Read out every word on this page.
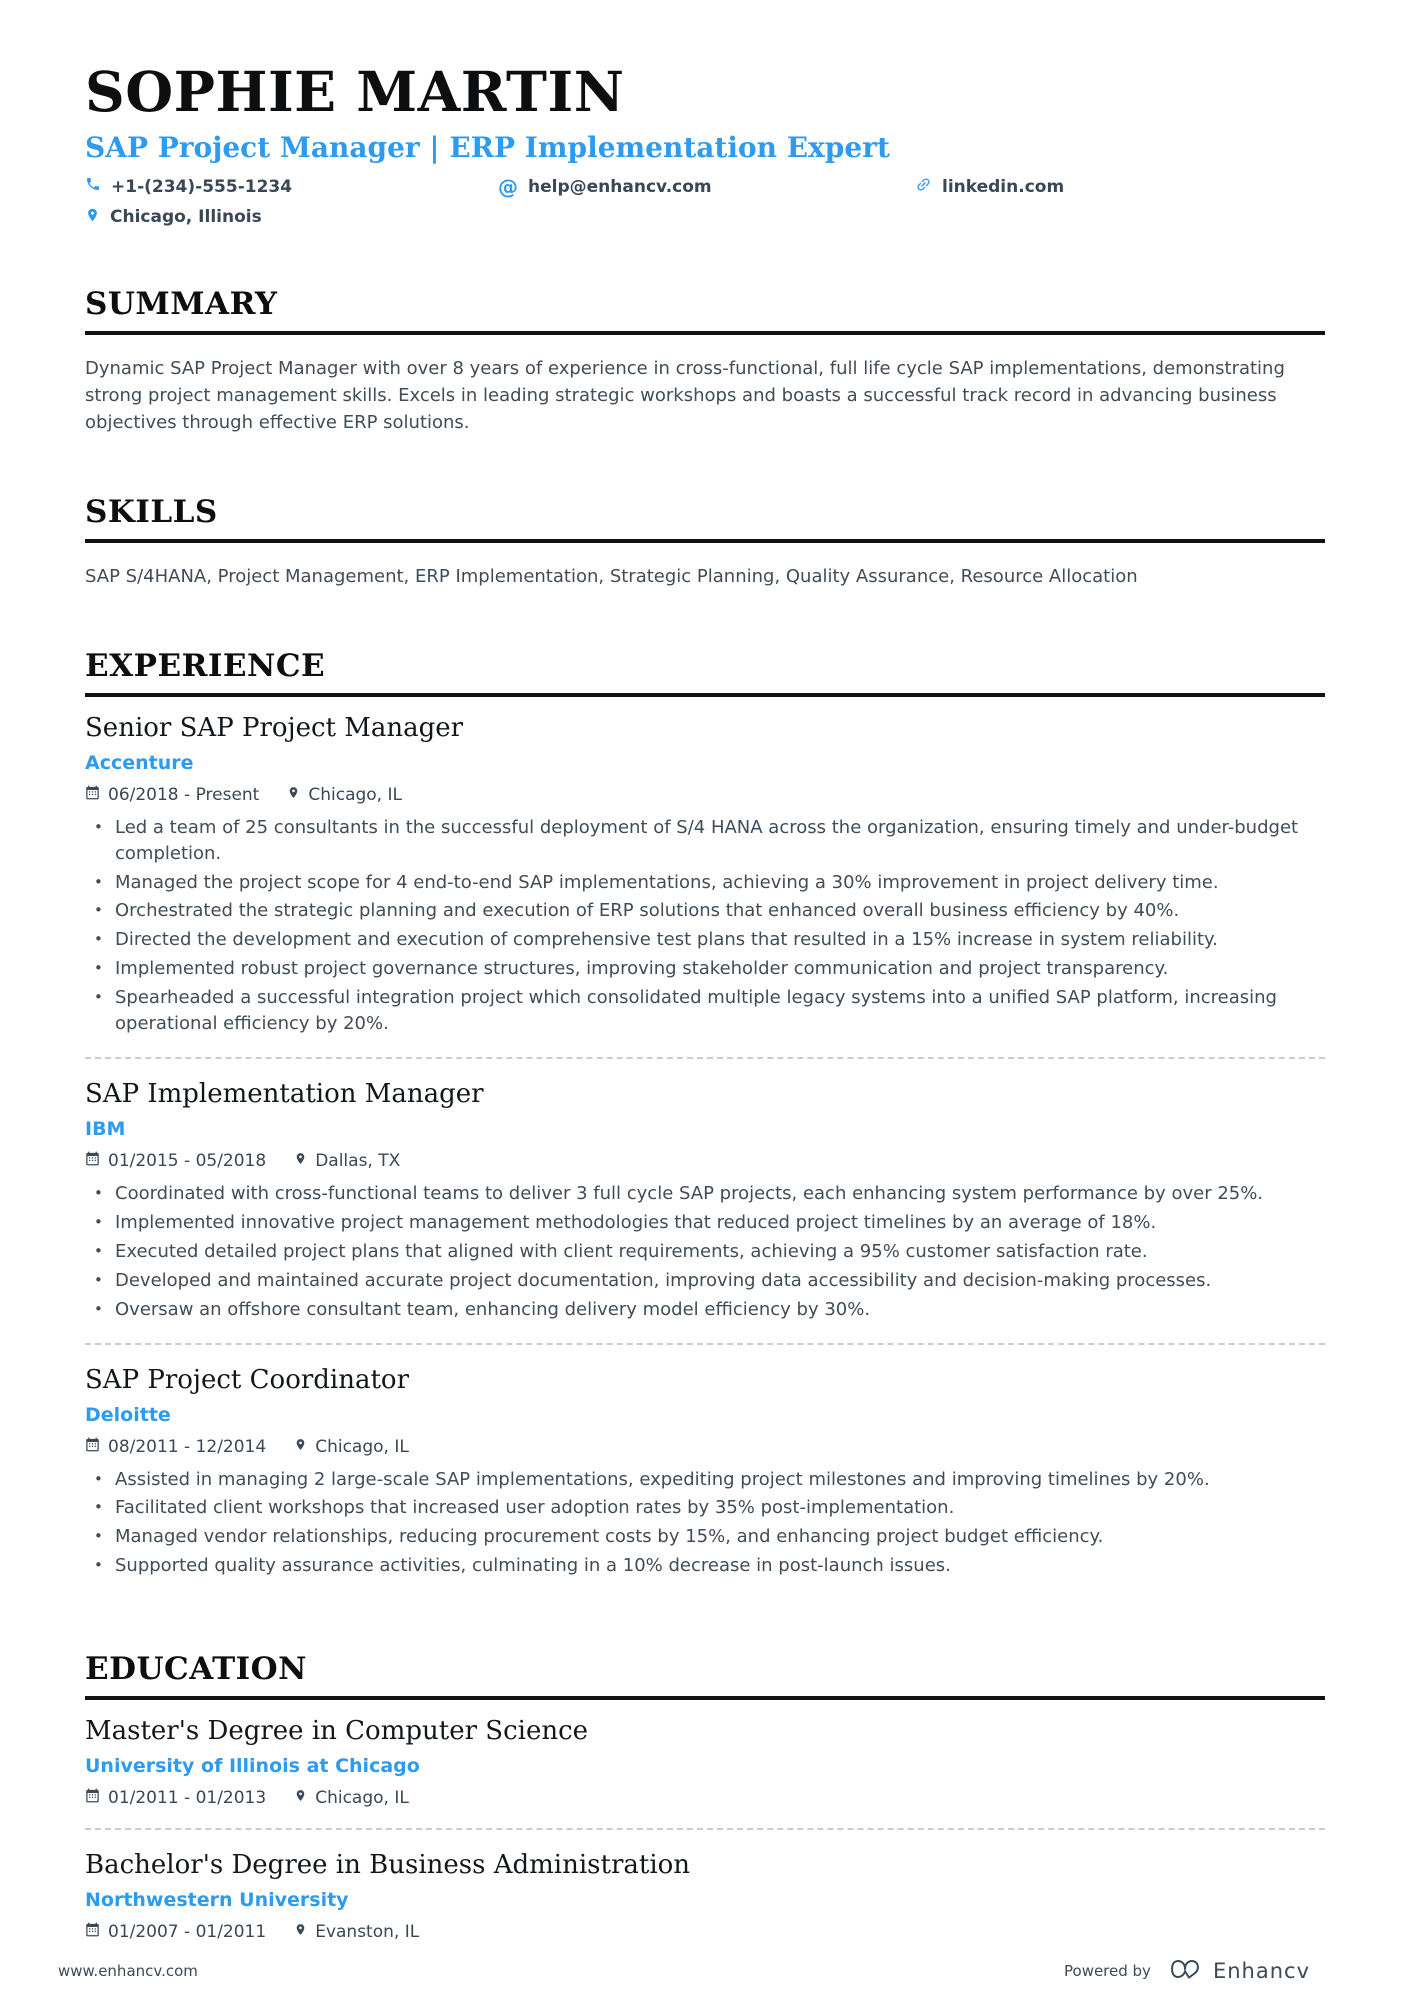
SOPHIE MARTIN
SAP Project Manager | ERP Implementation Expert
+1-(234)-555-1234	@ help@enhancv.com	linkedin.com
Chicago, Illinois
SUMMARY
Dynamic SAP Project Manager with over 8 years of experience in cross-functional, full life cycle SAP implementations, demonstrating strong project management skills. Excels in leading strategic workshops and boasts a successful track record in advancing business objectives through effective ERP solutions.
SKILLS
SAP S/4HANA, Project Management, ERP Implementation, Strategic Planning, Quality Assurance, Resource Allocation
EXPERIENCE
Senior SAP Project Manager
Accenture
06/2018 - Present	Chicago, IL
• Led a team of 25 consultants in the successful deployment of S/4 HANA across the organization, ensuring timely and under-budget completion.
• Managed the project scope for 4 end-to-end SAP implementations, achieving a 30% improvement in project delivery time.
• Orchestrated the strategic planning and execution of ERP solutions that enhanced overall business efficiency by 40%.
• Directed the development and execution of comprehensive test plans that resulted in a 15% increase in system reliability.
• Implemented robust project governance structures, improving stakeholder communication and project transparency.
• Spearheaded a successful integration project which consolidated multiple legacy systems into a unified SAP platform, increasing operational efficiency by 20%.
SAP Implementation Manager
IBM
01/2015 - 05/2018	Dallas, TX
• Coordinated with cross-functional teams to deliver 3 full cycle SAP projects, each enhancing system performance by over 25%.
• Implemented innovative project management methodologies that reduced project timelines by an average of 18%.
• Executed detailed project plans that aligned with client requirements, achieving a 95% customer satisfaction rate.
• Developed and maintained accurate project documentation, improving data accessibility and decision-making processes.
• Oversaw an offshore consultant team, enhancing delivery model efficiency by 30%.
SAP Project Coordinator
Deloitte
08/2011 - 12/2014	Chicago, IL
• Assisted in managing 2 large-scale SAP implementations, expediting project milestones and improving timelines by 20%.
• Facilitated client workshops that increased user adoption rates by 35% post-implementation.
• Managed vendor relationships, reducing procurement costs by 15%, and enhancing project budget efficiency.
• Supported quality assurance activities, culminating in a 10% decrease in post-launch issues.
EDUCATION
Master's Degree in Computer Science
University of Illinois at Chicago
01/2011 - 01/2013	Chicago, IL
Bachelor's Degree in Business Administration
Northwestern University
01/2007 - 01/2011	Evanston, IL
www.enhancv.com	Powered by	Enhancv
